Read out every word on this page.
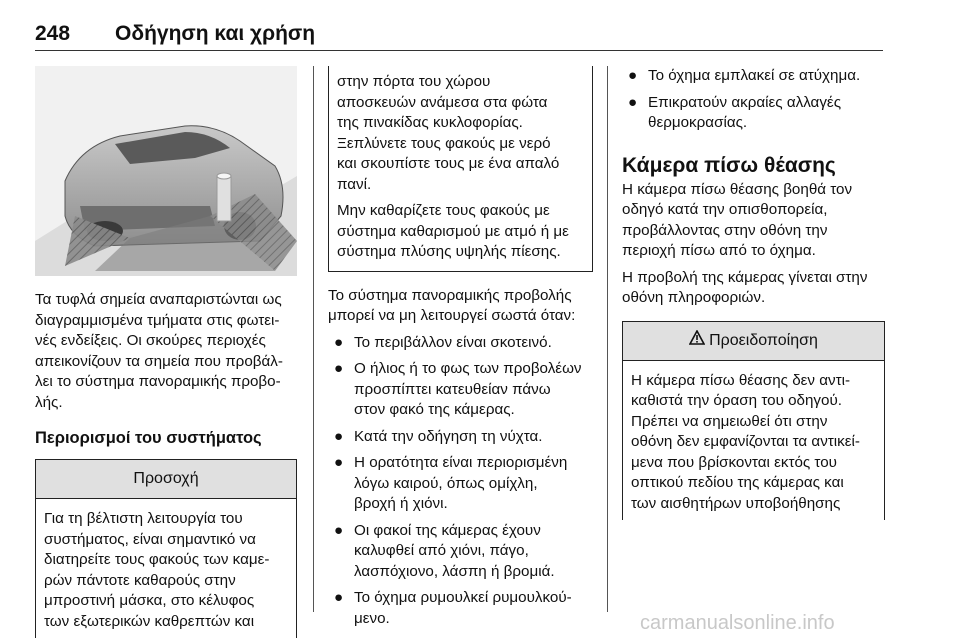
248 Οδήγηση και χρήση

Τα τυφλά σημεία αναπαριστώνται ως
διαγραμμισμένα τμήματα στις φωτει-
νές ενδείξεις. Οι σκούρες περιοχές
απεικονίζουν τα σημεία που προβάλ-
λει το σύστημα πανοραμικής προβο-
λής.

Περιορισμοί του συστήματος
Προσοχή

Για τη βέλτιστη λειτουργία του
συστήματος, είναι σημαντικό να
διατηρείτε τους φακούς των καμε-
ρών πάντοτε καθαρούς στην
μπροστινή μάσκα, στο κέλυφος
των εξωτερικών καθρεπτών και

στην πόρτα του χώρου
αποσκευών ανάμεσα στα φώτα
της πινακίδας κυκλοφορίας.
Ξεπλύνετε τους φακούς με νερό
και σκουπίστε τους με ένα απαλό
πανί.

Μην καθαρίζετε τους φακούς με
σύστημα καθαρισμού με ατμό ή με
σύστημα πλύσης υψηλής πίεσης.

Το σύστημα πανοραμικής προβολής
μπορεί να μη λειτουργεί σωστά όταν:

● Το περιβάλλον είναι σκοτεινό.
● Ο ήλιος ή το φως των προβολέων
προσπίπτει κατευθείαν πάνω
στον φακό της κάμερας.
● Κατά την οδήγηση τη νύχτα.
● Η ορατότητα είναι περιορισμένη
λόγω καιρού, όπως ομίχλη,
βροχή ή χιόνι.
● Οι φακοί της κάμερας έχουν
καλυφθεί από χιόνι, πάγο,
λασπόχιονο, λάσπη ή βρομιά.
● Το όχημα ρυμουλκεί ρυμουλκού-
μενο.
● Το όχημα εμπλακεί σε ατύχημα.
● Επικρατούν ακραίες αλλαγές
θερμοκρασίας.
Κάμερα πίσω θέασης

Η κάμερα πίσω θέασης βοηθά τον
οδηγό κατά την οπισθοπορεία,
προβάλλοντας στην οθόνη την
περιοχή πίσω από το όχημα.

Η προβολή της κάμερας γίνεται στην
οθόνη πληροφοριών.

Προειδοποίηση

Η κάμερα πίσω θέασης δεν αντι-
καθιστά την όραση του οδηγού.
Πρέπει να σημειωθεί ότι στην
οθόνη δεν εμφανίζονται τα αντικεί-
μενα που βρίσκονται εκτός του
οπτικού πεδίου της κάμερας και
των αισθητήρων υποβοήθησης

carmanualsonline.info
